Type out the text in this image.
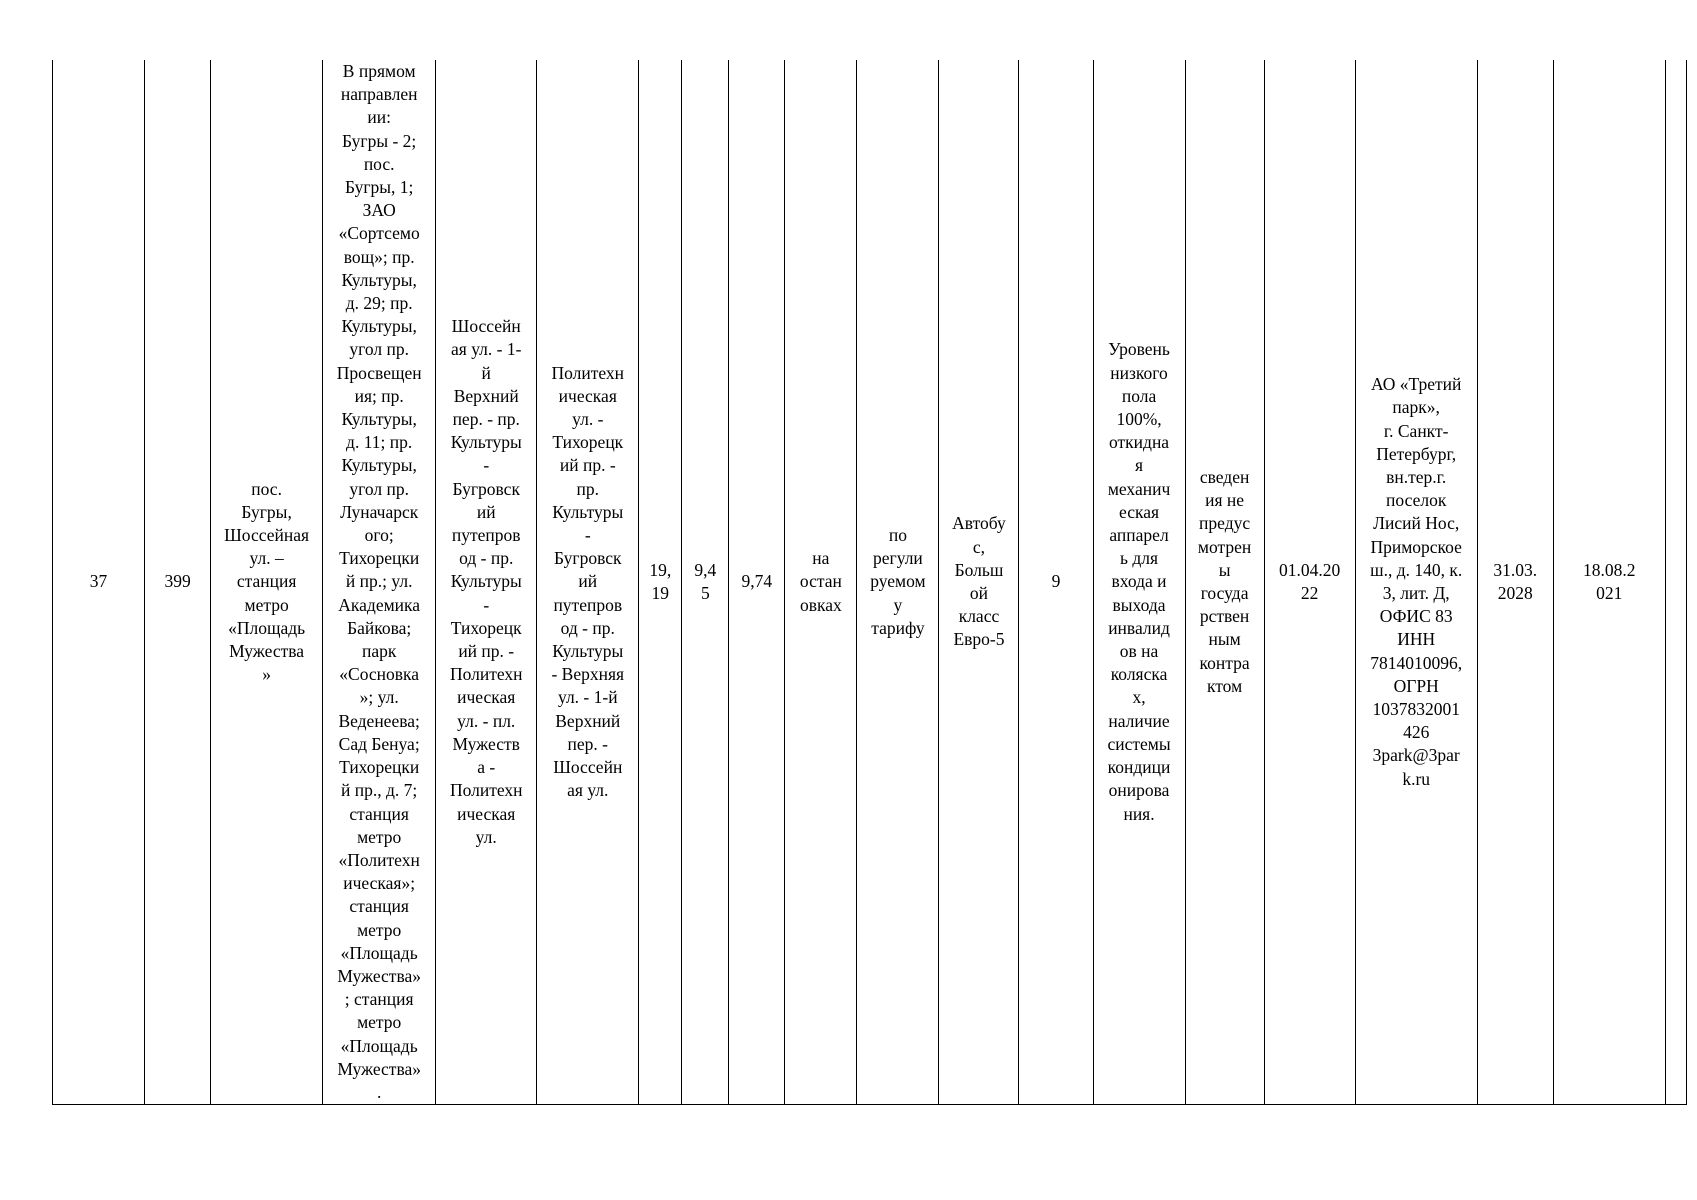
37	399	пос.
Бугры,
Шоссейная
ул. –
станция
метро
«Площадь
Мужества
»	В прямом
направлен
ии:
Бугры - 2;
пос.
Бугры, 1;
ЗАО
«Сортсемо
вощ»; пр.
Культуры,
д. 29; пр.
Культуры,
угол пр.
Просвещен
ия; пр.
Культуры,
д. 11; пр.
Культуры,
угол пр.
Луначарск
ого;
Тихорецки
й пр.; ул.
Академика
Байкова;
парк
«Сосновка
»; ул.
Веденеева;
Сад Бенуа;
Тихорецки
й пр., д. 7;
станция
метро
«Политехн
ическая»;
станция
метро
«Площадь
Мужества»
; станция
метро
«Площадь
Мужества»
.	Шоссейн
ая ул. - 1-
й
Верхний
пер. - пр.
Культуры
-
Бугровск
ий
путепров
од - пр.
Культуры
-
Тихорецк
ий пр. -
Политехн
ическая
ул. - пл.
Мужеств
а -
Политехн
ическая
ул.	Политехн
ическая
ул. -
Тихорецк
ий пр. -
пр.
Культуры
-
Бугровск
ий
путепров
од - пр.
Культуры
- Верхняя
ул. - 1-й
Верхний
пер. -
Шоссейн
ая ул.	19,
19	9,4
5	9,74	на
остан
овках	по
регули
руемом
у
тарифу	Автобу
с,
Больш
ой
класс
Евро-5	9	Уровень
низкого
пола
100%,
откидна
я
механич
еская
аппарел
ь для
входа и
выхода
инвалид
ов на
коляска
х,
наличие
системы
кондици
онирова
ния.	сведен
ия не
предус
мотрен
ы
госуда
рствен
ным
контра
ктом	01.04.20
22	АО «Третий
парк»,
г. Санкт-
Петербург,
вн.тер.г.
поселок
Лисий Нос,
Приморское
ш., д. 140, к.
3, лит. Д,
ОФИС 83
ИНН
7814010096,
ОГРН
1037832001
426
3park@3par
k.ru	31.03.
2028	18.08.2
021	
